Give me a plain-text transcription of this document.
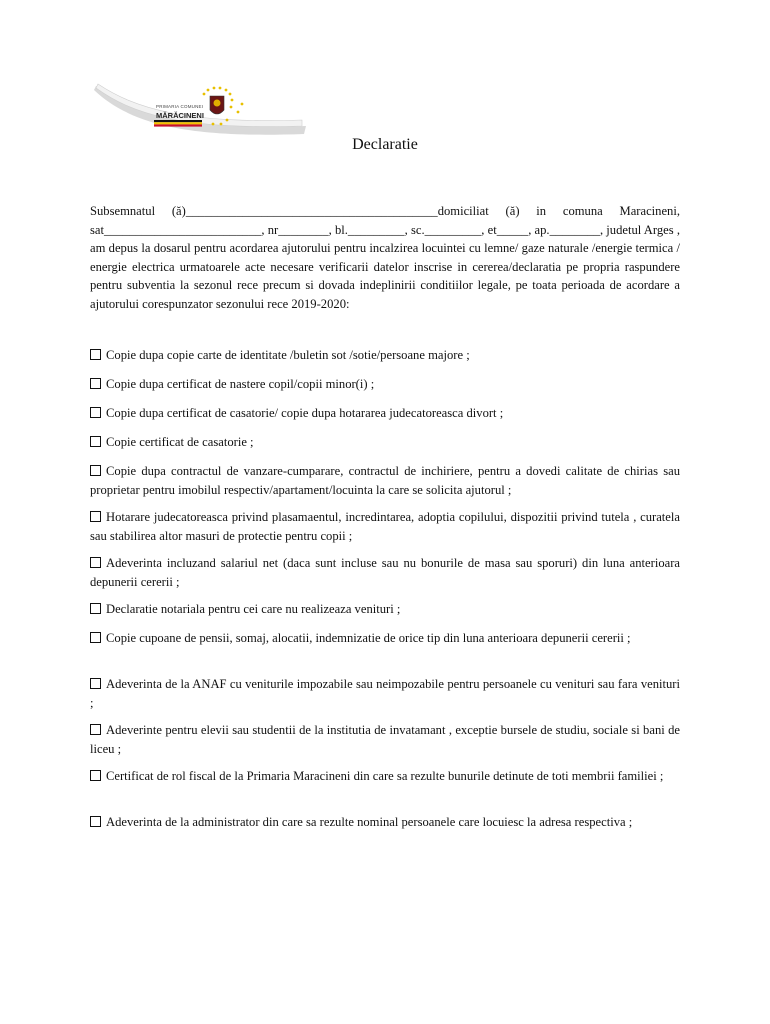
PRIMARIA COMUNEI
MĂRĂCINENI
Declaratie

Subsemnatul (ă)________________________________________domiciliat (ă) in comuna Maracineni, sat_________________________, nr________, bl._________, sc._________, et_____, ap.________, judetul Arges , am depus la dosarul pentru acordarea ajutorului pentru incalzirea locuintei cu lemne/ gaze naturale /energie termica / energie electrica urmatoarele acte necesare verificarii datelor inscrise in cererea/declaratia pe propria raspundere pentru subventia la sezonul rece precum si dovada indeplinirii conditiilor legale, pe toata perioada de acordare a ajutorului corespunzator sezonului rece 2019-2020:

Copie dupa copie carte de identitate /buletin sot /sotie/persoane majore ;

Copie dupa certificat de nastere copil/copii minor(i) ;

Copie dupa certificat de casatorie/ copie dupa hotararea judecatoreasca divort ;

Copie certificat de casatorie ;

Copie dupa contractul de vanzare-cumparare, contractul de inchiriere, pentru a dovedi calitate de chirias sau proprietar pentru imobilul respectiv/apartament/locuinta la care se solicita ajutorul ;

Hotarare judecatoreasca privind plasamaentul, incredintarea, adoptia copilului, dispozitii privind tutela , curatela sau stabilirea altor masuri de protectie pentru copii ;

Adeverinta incluzand salariul net (daca sunt incluse sau nu bonurile de masa sau sporuri) din luna anterioara depunerii cererii ;

Declaratie notariala pentru cei care nu realizeaza venituri ;

Copie cupoane de pensii, somaj, alocatii, indemnizatie de orice tip din luna anterioara depunerii cererii ;

Adeverinta de la ANAF cu veniturile impozabile sau neimpozabile pentru persoanele cu venituri sau fara venituri ;

Adeverinte pentru elevii sau studentii de la institutia de invatamant , exceptie bursele de studiu, sociale si bani de liceu ;

Certificat de rol fiscal de la Primaria Maracineni din care sa rezulte bunurile detinute de toti membrii familiei ;

Adeverinta de la administrator din care sa rezulte nominal persoanele care locuiesc la adresa respectiva ;
